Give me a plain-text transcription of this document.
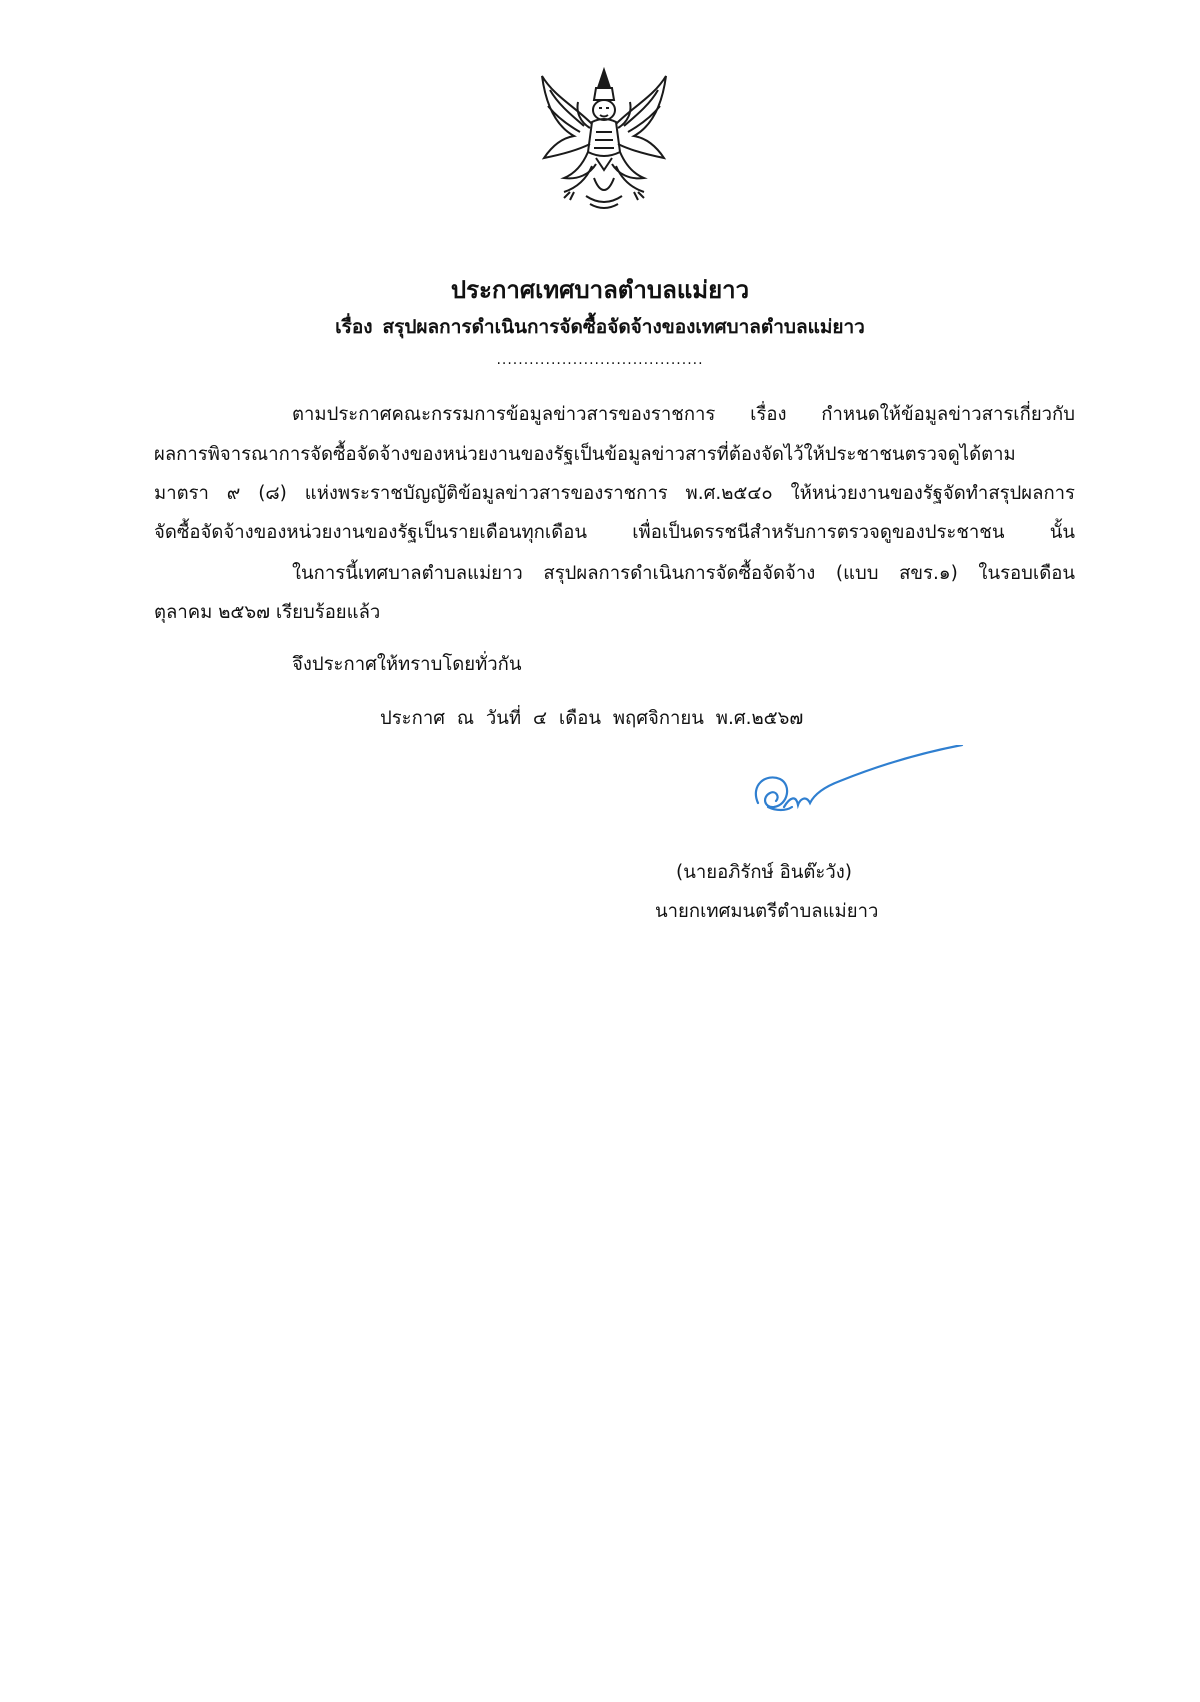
ประกาศเทศบาลตำบลแม่ยาว
เรื่อง สรุปผลการดำเนินการจัดซื้อจัดจ้างของเทศบาลตำบลแม่ยาว
......................................
ตามประกาศคณะกรรมการข้อมูลข่าวสารของราชการ เรื่อง กำหนดให้ข้อมูลข่าวสารเกี่ยวกับ
ผลการพิจารณาการจัดซื้อจัดจ้างของหน่วยงานของรัฐเป็นข้อมูลข่าวสารที่ต้องจัดไว้ให้ประชาชนตรวจดูได้ตาม
มาตรา ๙ (๘) แห่งพระราชบัญญัติข้อมูลข่าวสารของราชการ พ.ศ.๒๕๔๐ ให้หน่วยงานของรัฐจัดทำสรุปผลการ
จัดซื้อจัดจ้างของหน่วยงานของรัฐเป็นรายเดือนทุกเดือน เพื่อเป็นดรรชนีสำหรับการตรวจดูของประชาชน นั้น
ในการนี้เทศบาลตำบลแม่ยาว สรุปผลการดำเนินการจัดซื้อจัดจ้าง (แบบ สขร.๑) ในรอบเดือน
ตุลาคม ๒๕๖๗ เรียบร้อยแล้ว
จึงประกาศให้ทราบโดยทั่วกัน
ประกาศ ณ วันที่ ๔ เดือน พฤศจิกายน พ.ศ.๒๕๖๗
(นายอภิรักษ์ อินต๊ะวัง)
นายกเทศมนตรีตำบลแม่ยาว
